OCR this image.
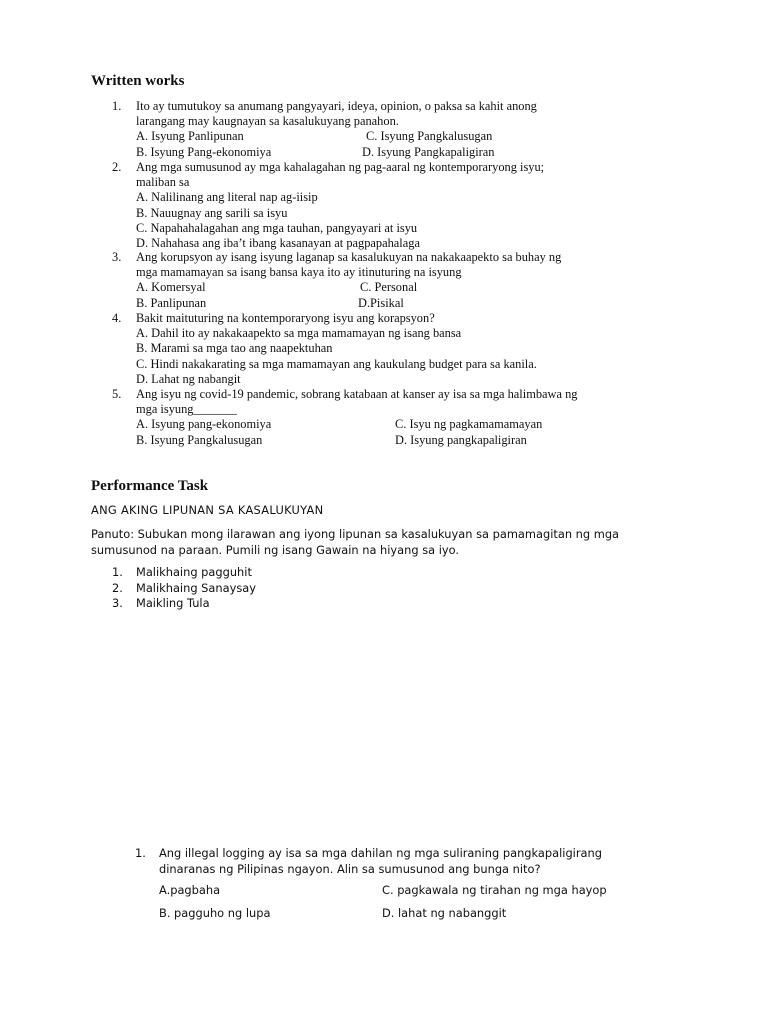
Written works
1.	Ito ay tumutukoy sa anumang pangyayari, ideya, opinion, o paksa sa kahit anong
larangang may kaugnayan sa kasalukuyang panahon.
A. Isyung Panlipunan	C. Isyung Pangkalusugan
B. Isyung Pang-ekonomiya	D. Isyung Pangkapaligiran
2.	Ang mga sumusunod ay mga kahalagahan ng pag-aaral ng kontemporaryong isyu;
maliban sa
A. Nalilinang ang literal nap ag-iisip
B. Nauugnay ang sarili sa isyu
C. Napahahalagahan ang mga tauhan, pangyayari at isyu
D. Nahahasa ang iba’t ibang kasanayan at pagpapahalaga
3.	Ang korupsyon ay isang isyung laganap sa kasalukuyan na nakakaapekto sa buhay ng
mga mamamayan sa isang bansa kaya ito ay itinuturing na isyung
A. Komersyal	C. Personal
B. Panlipunan	D.Pisikal
4.	Bakit maituturing na kontemporaryong isyu ang korapsyon?
A. Dahil ito ay nakakaapekto sa mga mamamayan ng isang bansa
B. Marami sa mga tao ang naapektuhan
C. Hindi nakakarating sa mga mamamayan ang kaukulang budget para sa kanila.
D. Lahat ng nabangit
5.	Ang isyu ng covid-19 pandemic, sobrang katabaan at kanser ay isa sa mga halimbawa ng
mga isyung_______
A. Isyung pang-ekonomiya	C. Isyu ng pagkamamamayan
B. Isyung Pangkalusugan	D. Isyung pangkapaligiran
Performance Task
ANG AKING LIPUNAN SA KASALUKUYAN
Panuto: Subukan mong ilarawan ang iyong lipunan sa kasalukuyan sa pamamagitan ng mga
sumusunod na paraan. Pumili ng isang Gawain na hiyang sa iyo.
1. Malikhaing pagguhit
2. Malikhaing Sanaysay
3. Maikling Tula
1. Ang illegal logging ay isa sa mga dahilan ng mga suliraning pangkapaligirang
dinaranas ng Pilipinas ngayon. Alin sa sumusunod ang bunga nito?
A.pagbaha	C. pagkawala ng tirahan ng mga hayop
B. pagguho ng lupa	D. lahat ng nabanggit
